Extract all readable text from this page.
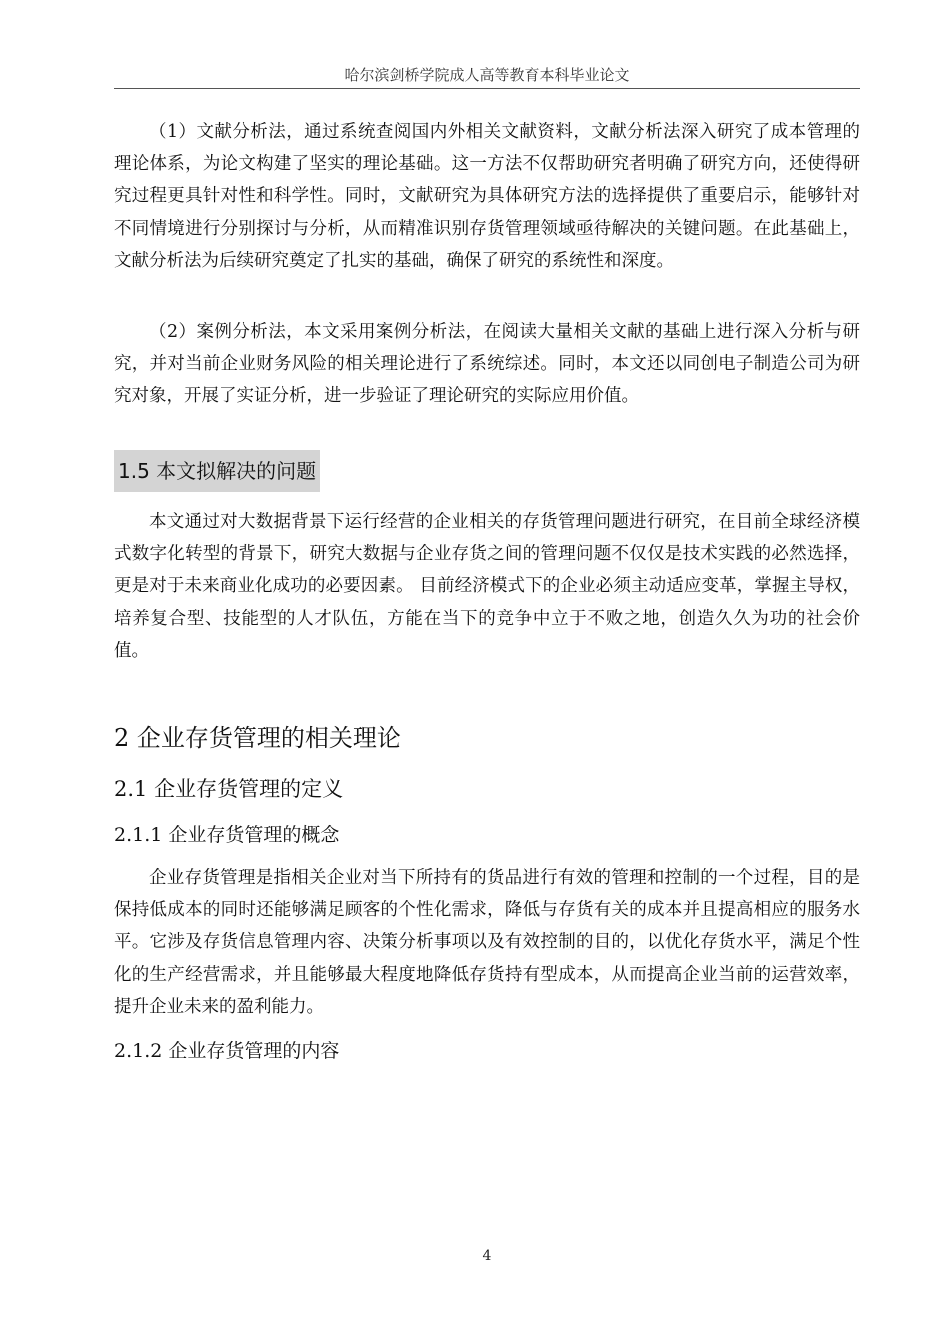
哈尔滨剑桥学院成人高等教育本科毕业论文

（1）文献分析法，通过系统查阅国内外相关文献资料，文献分析法深入研究了成本管理的理论体系，为论文构建了坚实的理论基础。这一方法不仅帮助研究者明确了研究方向，还使得研究过程更具针对性和科学性。同时，文献研究为具体研究方法的选择提供了重要启示，能够针对不同情境进行分别探讨与分析，从而精准识别存货管理领域亟待解决的关键问题。在此基础上，文献分析法为后续研究奠定了扎实的基础，确保了研究的系统性和深度。

（2）案例分析法，本文采用案例分析法，在阅读大量相关文献的基础上进行深入分析与研究，并对当前企业财务风险的相关理论进行了系统综述。同时，本文还以同创电子制造公司为研究对象，开展了实证分析，进一步验证了理论研究的实际应用价值。

1.5 本文拟解决的问题

本文通过对大数据背景下运行经营的企业相关的存货管理问题进行研究，在目前全球经济模式数字化转型的背景下，研究大数据与企业存货之间的管理问题不仅仅是技术实践的必然选择，更是对于未来商业化成功的必要因素。 目前经济模式下的企业必须主动适应变革，掌握主导权，培养复合型、技能型的人才队伍，方能在当下的竞争中立于不败之地，创造久久为功的社会价值。

2 企业存货管理的相关理论
2.1 企业存货管理的定义
2.1.1 企业存货管理的概念

企业存货管理是指相关企业对当下所持有的货品进行有效的管理和控制的一个过程，目的是保持低成本的同时还能够满足顾客的个性化需求，降低与存货有关的成本并且提高相应的服务水平。它涉及存货信息管理内容、决策分析事项以及有效控制的目的，以优化存货水平，满足个性化的生产经营需求，并且能够最大程度地降低存货持有型成本，从而提高企业当前的运营效率，提升企业未来的盈利能力。

2.1.2 企业存货管理的内容
4
